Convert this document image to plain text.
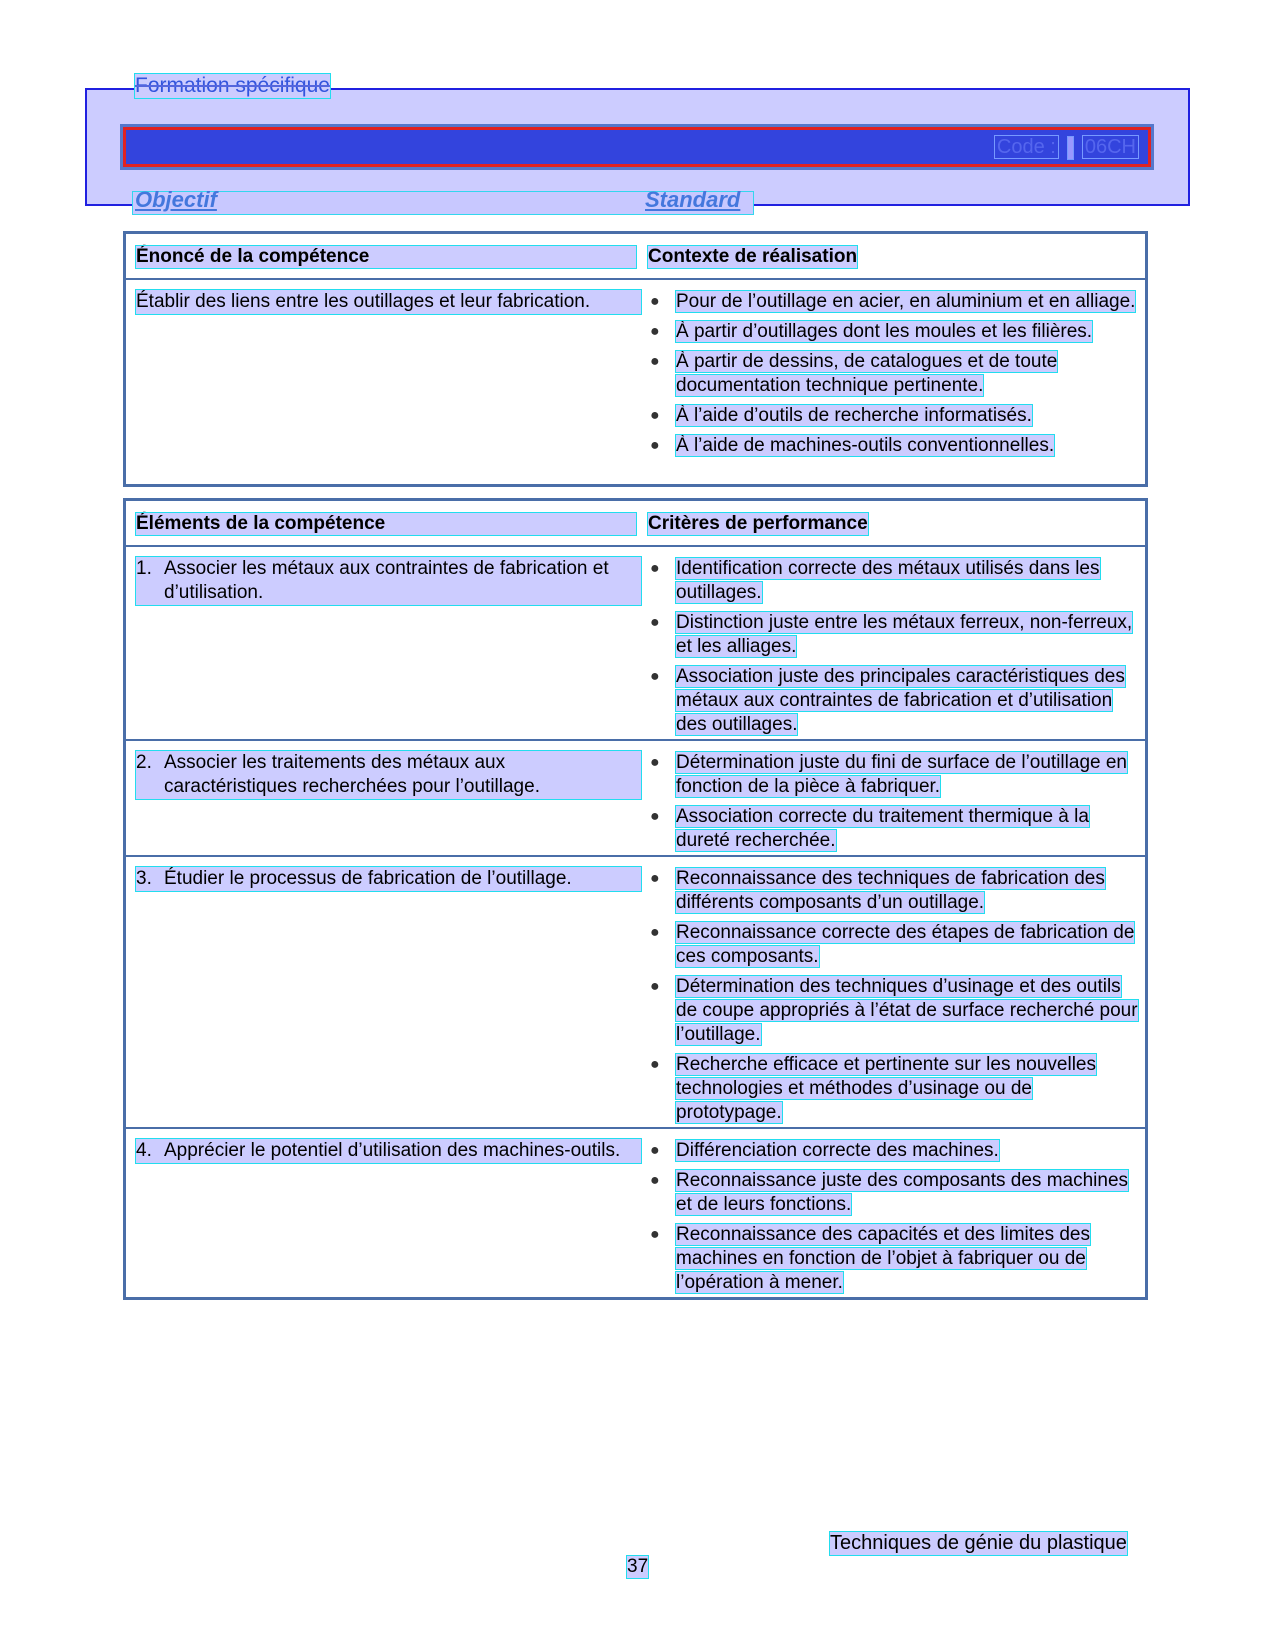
Formation spécifique
Code : 06CH
Objectif	Standard
Énoncé de la compétence	Contexte de réalisation
Établir des liens entre les outillages et leur fabrication.	● Pour de l’outillage en acier, en aluminium et en alliage.
● À partir d’outillages dont les moules et les filières.
● À partir de dessins, de catalogues et de toute documentation technique pertinente.
● À l’aide d’outils de recherche informatisés.
● À l’aide de machines-outils conventionnelles.
Éléments de la compétence	Critères de performance
1. Associer les métaux aux contraintes de fabrication et d’utilisation.
● Identification correcte des métaux utilisés dans les outillages.
● Distinction juste entre les métaux ferreux, non-ferreux, et les alliages.
● Association juste des principales caractéristiques des métaux aux contraintes de fabrication et d’utilisation des outillages.
2. Associer les traitements des métaux aux caractéristiques recherchées pour l’outillage.
● Détermination juste du fini de surface de l’outillage en fonction de la pièce à fabriquer.
● Association correcte du traitement thermique à la dureté recherchée.
3. Étudier le processus de fabrication de l’outillage.	● Reconnaissance des techniques de fabrication des différents composants d’un outillage.
● Reconnaissance correcte des étapes de fabrication de ces composants.
● Détermination des techniques d’usinage et des outils de coupe appropriés à l’état de surface recherché pour l’outillage.
● Recherche efficace et pertinente sur les nouvelles technologies et méthodes d’usinage ou de prototypage.
4. Apprécier le potentiel d’utilisation des machines-outils.	● Différenciation correcte des machines.
● Reconnaissance juste des composants des machines et de leurs fonctions.
● Reconnaissance des capacités et des limites des machines en fonction de l’objet à fabriquer ou de l’opération à mener.
Techniques de génie du plastique
37
